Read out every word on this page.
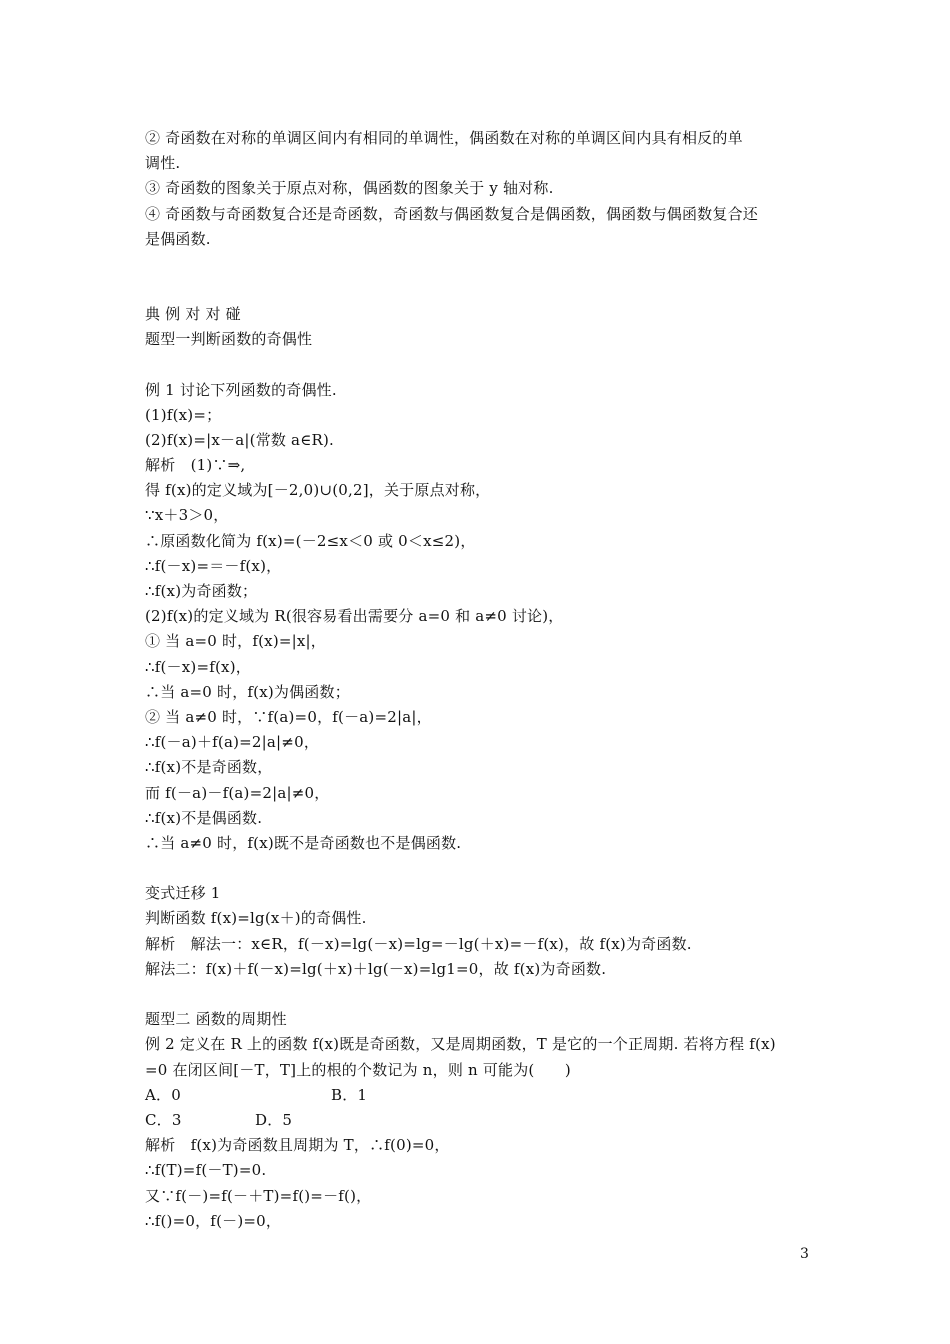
② 奇函数在对称的单调区间内有相同的单调性，偶函数在对称的单调区间内具有相反的单
调性.
③ 奇函数的图象关于原点对称，偶函数的图象关于 y 轴对称.
④ 奇函数与奇函数复合还是奇函数，奇函数与偶函数复合是偶函数，偶函数与偶函数复合还
是偶函数.
典 例 对 对 碰
题型一判断函数的奇偶性
例 1 讨论下列函数的奇偶性.
(1)f(x)=；
(2)f(x)=|x－a|(常数 a∈R).
解析　(1)∵⇒,
得 f(x)的定义域为[－2,0)∪(0,2]，关于原点对称，
∵x＋3＞0，
∴原函数化简为 f(x)=(－2≤x＜0 或 0＜x≤2)，
∴f(－x)=＝－f(x)，
∴f(x)为奇函数；
(2)f(x)的定义域为 R(很容易看出需要分 a=0 和 a≠0 讨论)，
① 当 a=0 时，f(x)=|x|，
∴f(－x)=f(x)，
∴当 a=0 时，f(x)为偶函数；
② 当 a≠0 时，∵f(a)=0，f(－a)=2|a|，
∴f(－a)＋f(a)=2|a|≠0，
∴f(x)不是奇函数，
而 f(－a)－f(a)=2|a|≠0，
∴f(x)不是偶函数.
∴当 a≠0 时，f(x)既不是奇函数也不是偶函数.
变式迁移 1
判断函数 f(x)=lg(x＋)的奇偶性.
解析　解法一：x∈R，f(－x)=lg(－x)=lg=－lg(＋x)=－f(x)，故 f(x)为奇函数.
解法二：f(x)＋f(－x)=lg(＋x)＋lg(－x)=lg1=0，故 f(x)为奇函数.
题型二 函数的周期性
例 2 定义在 R 上的函数 f(x)既是奇函数，又是周期函数，T 是它的一个正周期. 若将方程 f(x)
=0 在闭区间[－T，T]上的根的个数记为 n，则 n 可能为(　　)
A．0	B．1
C．3	D．5
解析　f(x)为奇函数且周期为 T，∴f(0)=0，
∴f(T)=f(－T)=0.
又∵f(－)=f(－＋T)=f()=－f()，
∴f()=0，f(－)=0，
3
